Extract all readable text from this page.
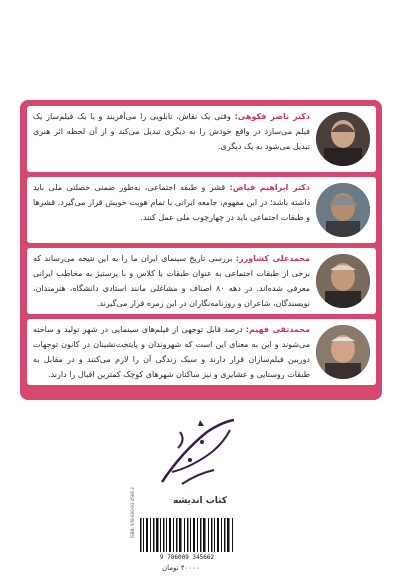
دکتر ناصر فکوهی: وقتی یک نقاش، تابلویی را می‌آفریند و یا یک فیلم‌ساز یک فیلم می‌سازد در واقع خودش را به دیگری تبدیل می‌کند و از آن لحظه اثر هنری تبدیل می‌شود به یک دیگری.
دکتر ابراهیم فیاض: قشر و طبقه اجتماعی، به‌طور ضمنی خصلتی ملی باید داشته باشد؛ در این مفهوم، جامعه ایرانی با تمام هویت خویش قرار می‌گیرد. قشرها و طبقات اجتماعی باید در چهارچوب ملی عمل کنند.
محمدعلی کشاورز: بررسی تاریخ سینمای ایران ما را به این نتیجه می‌رساند که برخی از طبقات اجتماعی به عنوان طبقات با کلاس و با پرستیژ به مخاطب ایرانی معرفی شده‌اند. در دهه ۸۰ اصناف و مشاغلی مانند استادی دانشگاه، هنرمندان، نویسندگان، شاعران و روزنامه‌نگاران در این زمره قرار می‌گیرند.
محمدتقی فهیم: درصد قابل توجهی از فیلم‌های سینمایی در شهر تولید و ساخته می‌شوند و این به معنای این است که شهروندان و پایتخت‌نشینان در کانون توجهات دوربین فیلم‌سازان قرار دارند و سبک زندگی آن را لازم می‌کنند و در مقابل به طبقات روستایی و عشایری و نیز ساکنان شهرهای کوچک کمترین اقبال را دارند.
کتاب اندیشه
9 786009 345662
ISBN: 978-600-93-4566-2
۴۰۰۰۰ تومان
